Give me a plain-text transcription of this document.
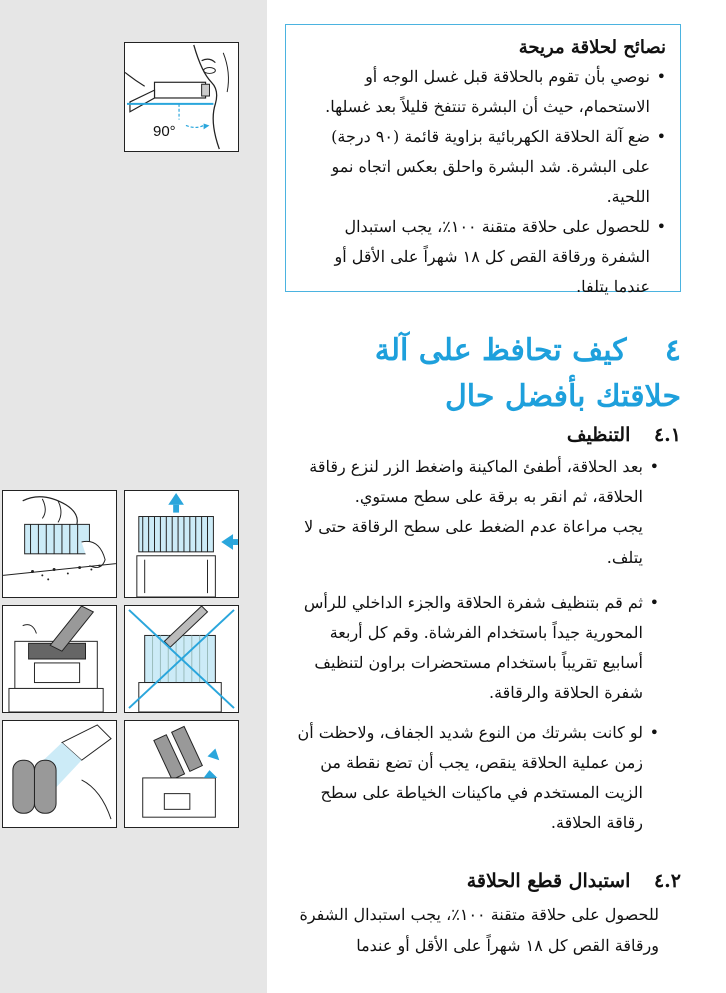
90°
نصائح لحلاقة مريحة
• نوصي بأن تقوم بالحلاقة قبل غسل الوجه أو الاستحمام، حيث أن البشرة تنتفخ قليلاً بعد غسلها.
• ضع آلة الحلاقة الكهربائية بزاوية قائمة (٩٠ درجة) على البشرة. شد البشرة واحلق بعكس اتجاه نمو اللحية.
• للحصول على حلاقة متقنة ١٠٠٪، يجب استبدال الشفرة ورقاقة القص كل ١٨ شهراً على الأقل أو عندما يتلفا.
٤ كيف تحافظ على آلة حلاقتك بأفضل حال
٤.١ التنظيف
• بعد الحلاقة، أطفئ الماكينة واضغط الزر لنزع رقاقة الحلاقة، ثم انقر به برقة على سطح مستوي.
يجب مراعاة عدم الضغط على سطح الرقاقة حتى لا يتلف.
• ثم قم بتنظيف شفرة الحلاقة والجزء الداخلي للرأس المحورية جيداً باستخدام الفرشاة. وقم كل أربعة أسابيع تقريباً باستخدام مستحضرات براون لتنظيف شفرة الحلاقة والرقاقة.
• لو كانت بشرتك من النوع شديد الجفاف، ولاحظت أن زمن عملية الحلاقة ينقص، يجب أن تضع نقطة من الزيت المستخدم في ماكينات الخياطة على سطح رقاقة الحلاقة.
٤.٢ استبدال قطع الحلاقة
للحصول على حلاقة متقنة ١٠٠٪، يجب استبدال الشفرة ورقاقة القص كل ١٨ شهراً على الأقل أو عندما
